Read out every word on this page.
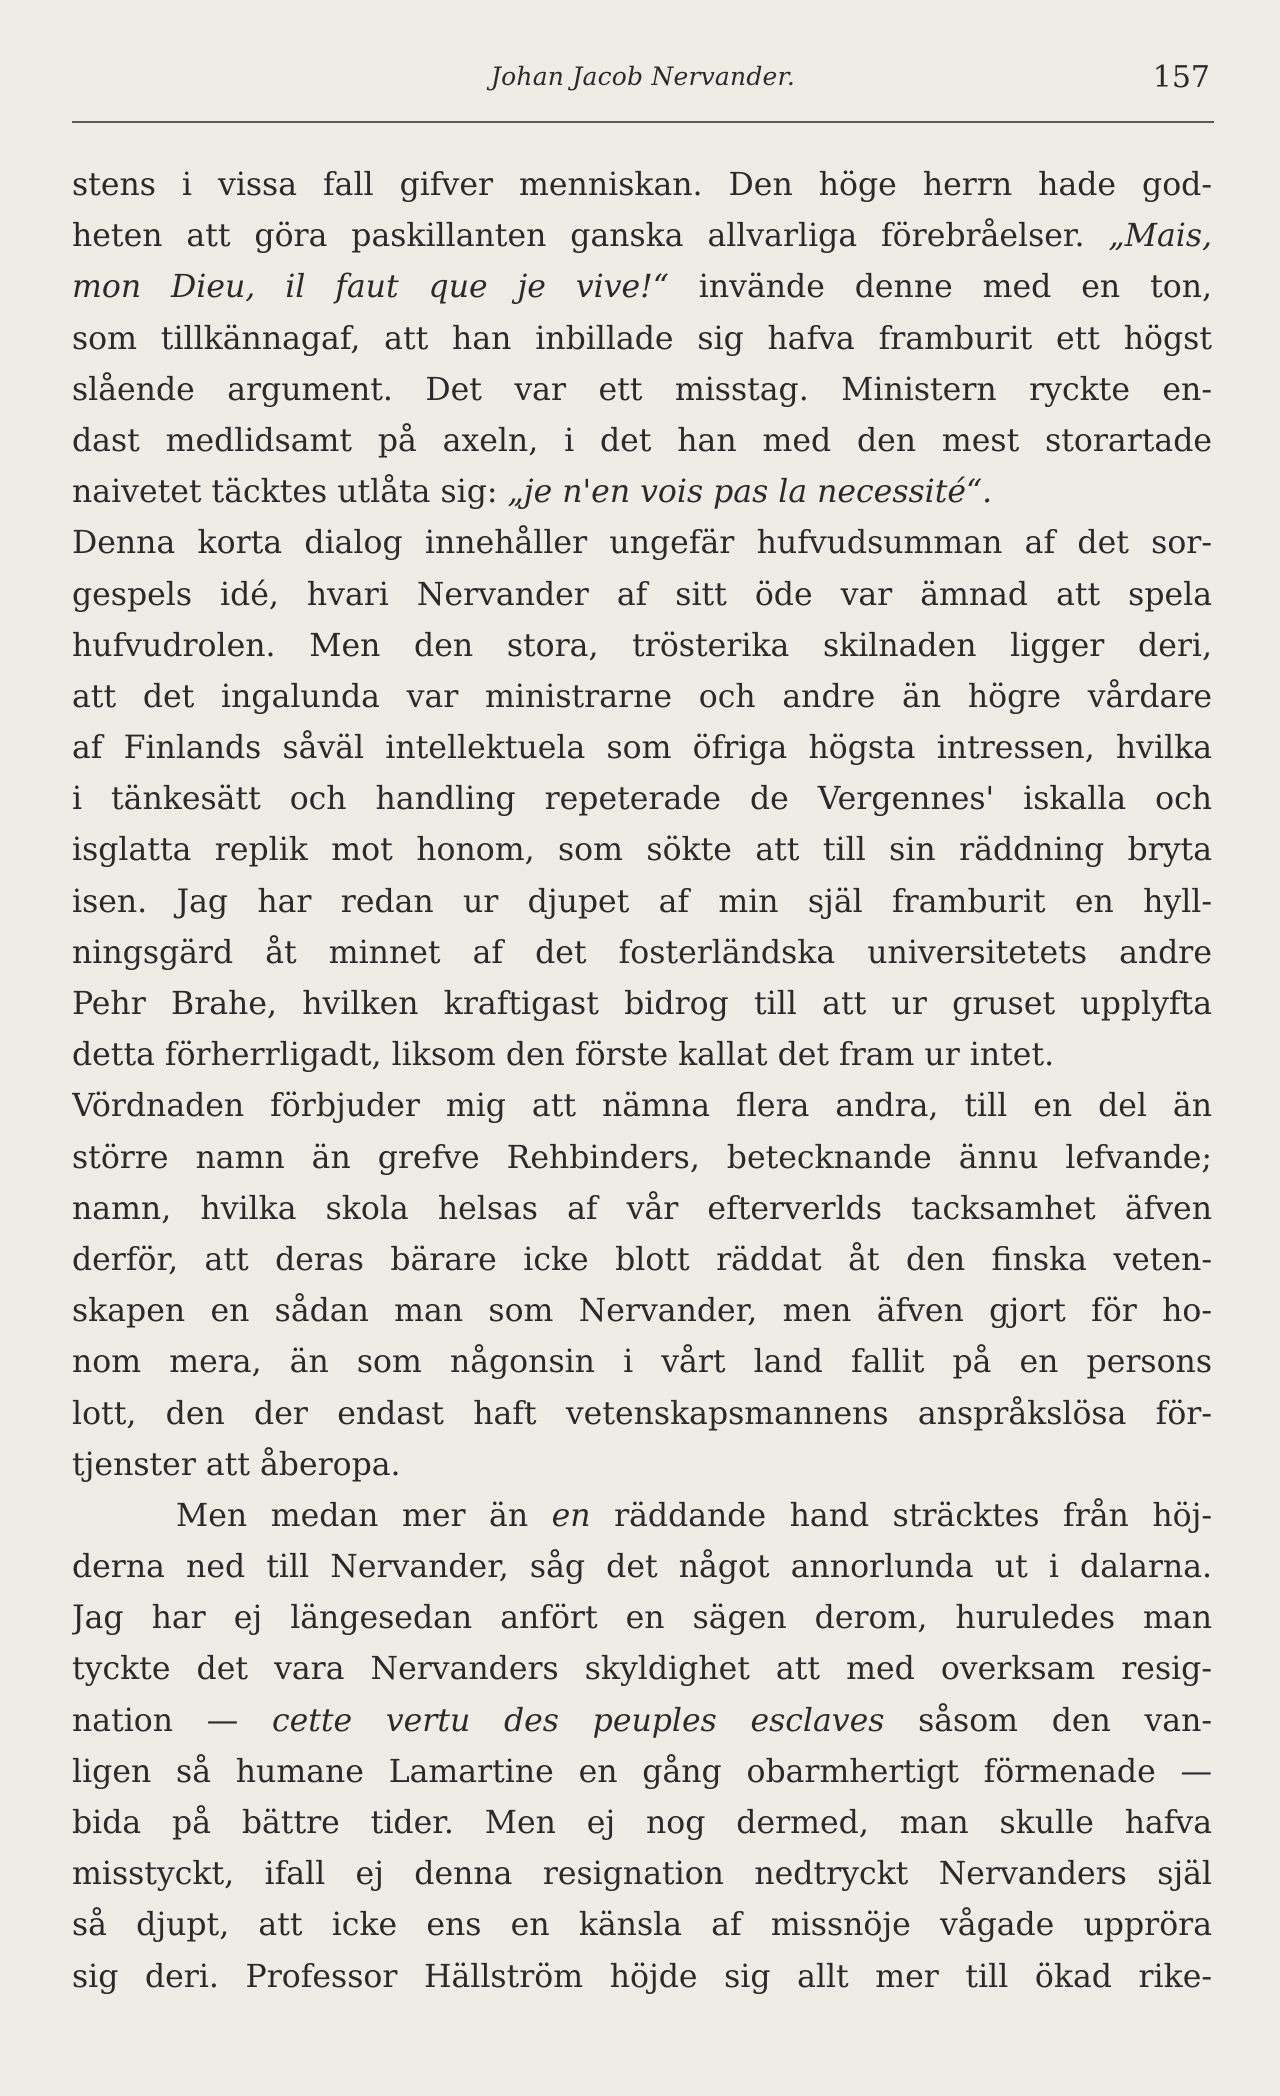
Johan Jacob Nervander.	157
stens i vissa fall gifver menniskan. Den höge herrn hade god-
heten att göra paskillanten ganska allvarliga förebråelser. „Mais,
mon Dieu, il faut que je vive!“ invände denne med en ton,
som tillkännagaf, att han inbillade sig hafva framburit ett högst
slående argument. Det var ett misstag. Ministern ryckte en-
dast medlidsamt på axeln, i det han med den mest storartade
naivetet täcktes utlåta sig: „je n'en vois pas la necessité“.
Denna korta dialog innehåller ungefär hufvudsumman af det sor-
gespels idé, hvari Nervander af sitt öde var ämnad att spela
hufvudrolen. Men den stora, trösterika skilnaden ligger deri,
att det ingalunda var ministrarne och andre än högre vårdare
af Finlands såväl intellektuela som öfriga högsta intressen, hvilka
i tänkesätt och handling repeterade de Vergennes' iskalla och
isglatta replik mot honom, som sökte att till sin räddning bryta
isen. Jag har redan ur djupet af min själ framburit en hyll-
ningsgärd åt minnet af det fosterländska universitetets andre
Pehr Brahe, hvilken kraftigast bidrog till att ur gruset upplyfta
detta förherrligadt, liksom den förste kallat det fram ur intet.
Vördnaden förbjuder mig att nämna flera andra, till en del än
större namn än grefve Rehbinders, betecknande ännu lefvande;
namn, hvilka skola helsas af vår efterverlds tacksamhet äfven
derför, att deras bärare icke blott räddat åt den finska veten-
skapen en sådan man som Nervander, men äfven gjort för ho-
nom mera, än som någonsin i vårt land fallit på en persons
lott, den der endast haft vetenskapsmannens anspråkslösa för-
tjenster att åberopa.
Men medan mer än en räddande hand sträcktes från höj-
derna ned till Nervander, såg det något annorlunda ut i dalarna.
Jag har ej längesedan anfört en sägen derom, huruledes man
tyckte det vara Nervanders skyldighet att med overksam resig-
nation — cette vertu des peuples esclaves såsom den van-
ligen så humane Lamartine en gång obarmhertigt förmenade —
bida på bättre tider. Men ej nog dermed, man skulle hafva
misstyckt, ifall ej denna resignation nedtryckt Nervanders själ
så djupt, att icke ens en känsla af missnöje vågade uppröra
sig deri. Professor Hällström höjde sig allt mer till ökad rike-
